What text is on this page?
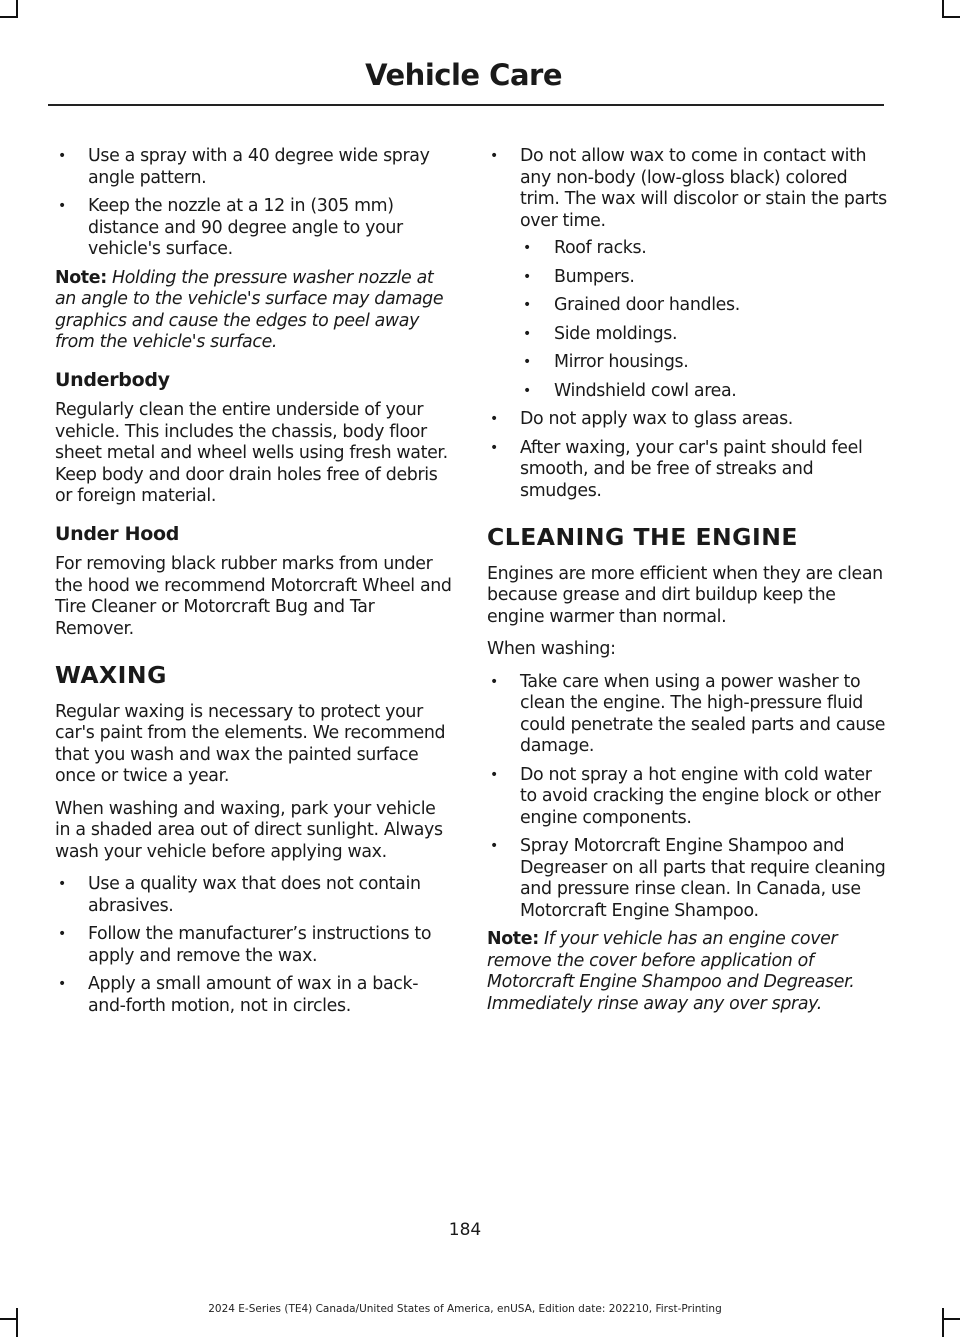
Vehicle Care
• Use a spray with a 40 degree wide spray angle pattern.
• Keep the nozzle at a 12 in (305 mm) distance and 90 degree angle to your vehicle's surface.

Note: Holding the pressure washer nozzle at an angle to the vehicle's surface may damage graphics and cause the edges to peel away from the vehicle's surface.

Underbody

Regularly clean the entire underside of your vehicle. This includes the chassis, body floor sheet metal and wheel wells using fresh water. Keep body and door drain holes free of debris or foreign material.

Under Hood

For removing black rubber marks from under the hood we recommend Motorcraft Wheel and Tire Cleaner or Motorcraft Bug and Tar Remover.

WAXING

Regular waxing is necessary to protect your car's paint from the elements. We recommend that you wash and wax the painted surface once or twice a year.

When washing and waxing, park your vehicle in a shaded area out of direct sunlight. Always wash your vehicle before applying wax.

• Use a quality wax that does not contain abrasives.
• Follow the manufacturer’s instructions to apply and remove the wax.
• Apply a small amount of wax in a back-and-forth motion, not in circles.
• Do not allow wax to come in contact with any non-body (low-gloss black) colored trim. The wax will discolor or stain the parts over time.
• Roof racks.
• Bumpers.
• Grained door handles.
• Side moldings.
• Mirror housings.
• Windshield cowl area.
• Do not apply wax to glass areas.
• After waxing, your car's paint should feel smooth, and be free of streaks and smudges.
CLEANING THE ENGINE

Engines are more efficient when they are clean because grease and dirt buildup keep the engine warmer than normal.

When washing:

• Take care when using a power washer to clean the engine. The high-pressure fluid could penetrate the sealed parts and cause damage.
• Do not spray a hot engine with cold water to avoid cracking the engine block or other engine components.
• Spray Motorcraft Engine Shampoo and Degreaser on all parts that require cleaning and pressure rinse clean. In Canada, use Motorcraft Engine Shampoo.

Note: If your vehicle has an engine cover remove the cover before application of Motorcraft Engine Shampoo and Degreaser. Immediately rinse away any over spray.

184
2024 E-Series (TE4) Canada/United States of America, enUSA, Edition date: 202210, First-Printing
